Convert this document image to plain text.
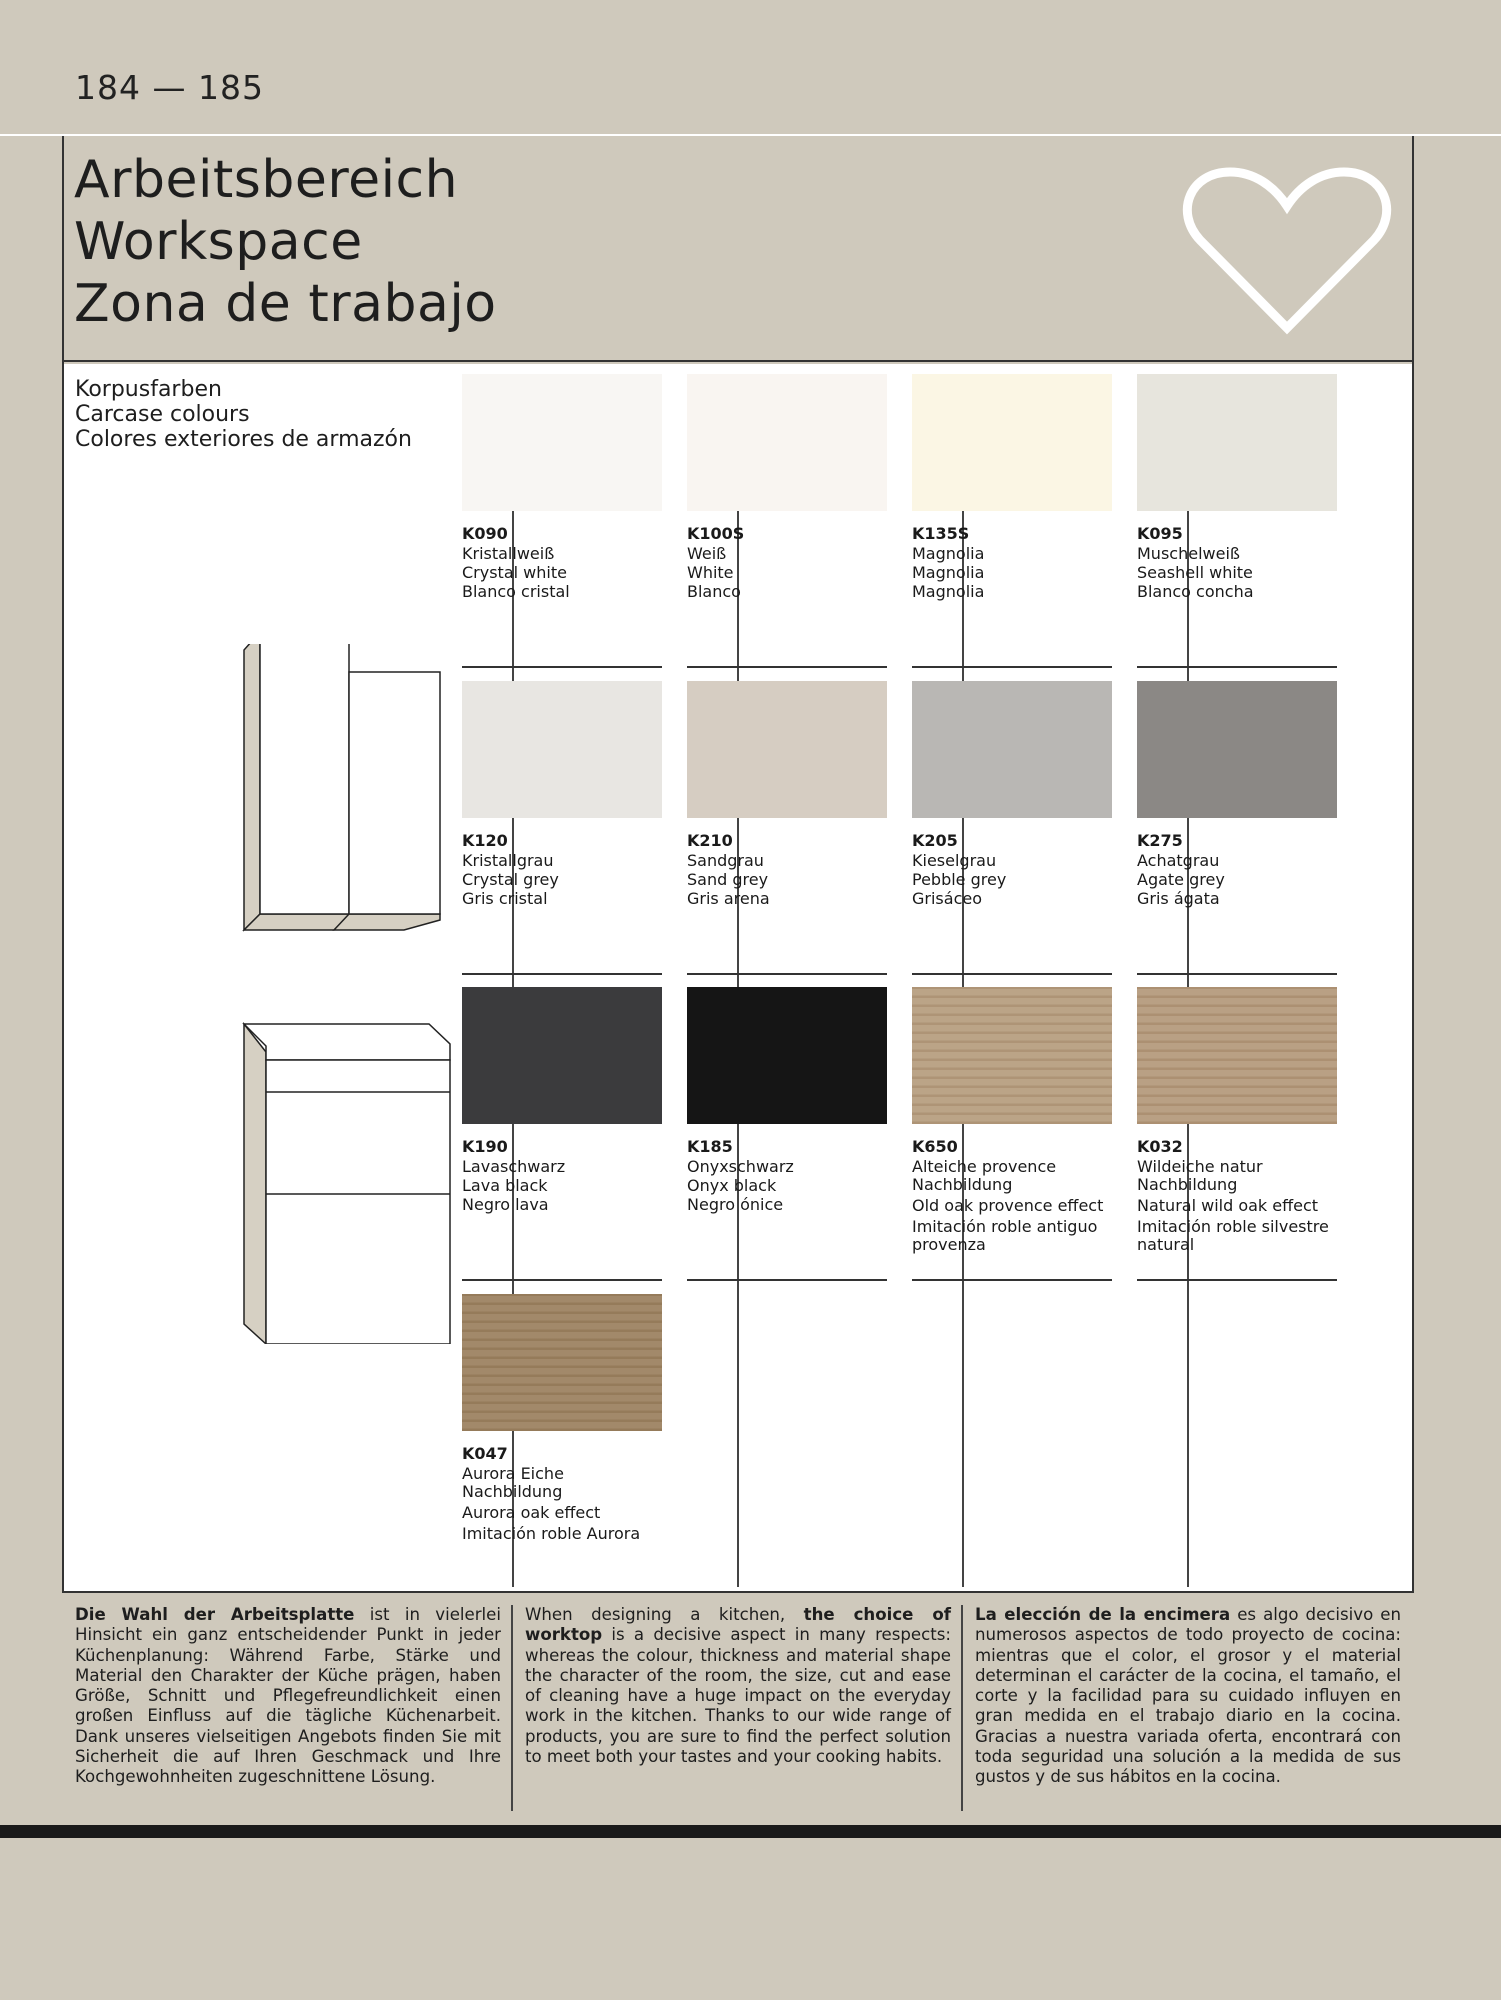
184 — 185
Arbeitsbereich
Workspace
Zona de trabajo
Korpusfarben
Carcase colours
Colores exteriores de armazón
K090
Kristallweiß
Crystal white
Blanco cristal
K100S
Weiß
White
Blanco
K135S
Magnolia
Magnolia
Magnolia
K095
Muschelweiß
Seashell white
Blanco concha
K120
Kristallgrau
Crystal grey
Gris cristal
K210
Sandgrau
Sand grey
Gris arena
K205
Kieselgrau
Pebble grey
Grisáceo
K275
Achatgrau
Agate grey
Gris ágata
K190
Lavaschwarz
Lava black
Negro lava
K185
Onyxschwarz
Onyx black
Negro ónice
K650
Alteiche provence Nachbildung
Old oak provence effect
Imitación roble antiguo provenza
K032
Wildeiche natur Nachbildung
Natural wild oak effect
Imitación roble silvestre natural
K047
Aurora Eiche Nachbildung
Aurora oak effect
Imitación roble Aurora
Die Wahl der Arbeitsplatte ist in vielerlei Hinsicht ein ganz entscheidender Punkt in jeder Küchenplanung: Während Farbe, Stärke und Material den Charakter der Küche prägen, haben Größe, Schnitt und Pflegefreundlichkeit einen großen Einfluss auf die tägliche Küchenarbeit. Dank unseres vielseitigen Angebots finden Sie mit Sicherheit die auf Ihren Geschmack und Ihre Kochgewohnheiten zugeschnittene Lösung.
When designing a kitchen, the choice of worktop is a decisive aspect in many respects: whereas the colour, thickness and material shape the character of the room, the size, cut and ease of cleaning have a huge impact on the everyday work in the kitchen. Thanks to our wide range of products, you are sure to find the perfect solution to meet both your tastes and your cooking habits.
La elección de la encimera es algo decisivo en numerosos aspectos de todo proyecto de cocina: mientras que el color, el grosor y el material determinan el carácter de la cocina, el tamaño, el corte y la facilidad para su cuidado influyen en gran medida en el trabajo diario en la cocina. Gracias a nuestra variada oferta, encontrará con toda seguridad una solución a la medida de sus gustos y de sus hábitos en la cocina.
